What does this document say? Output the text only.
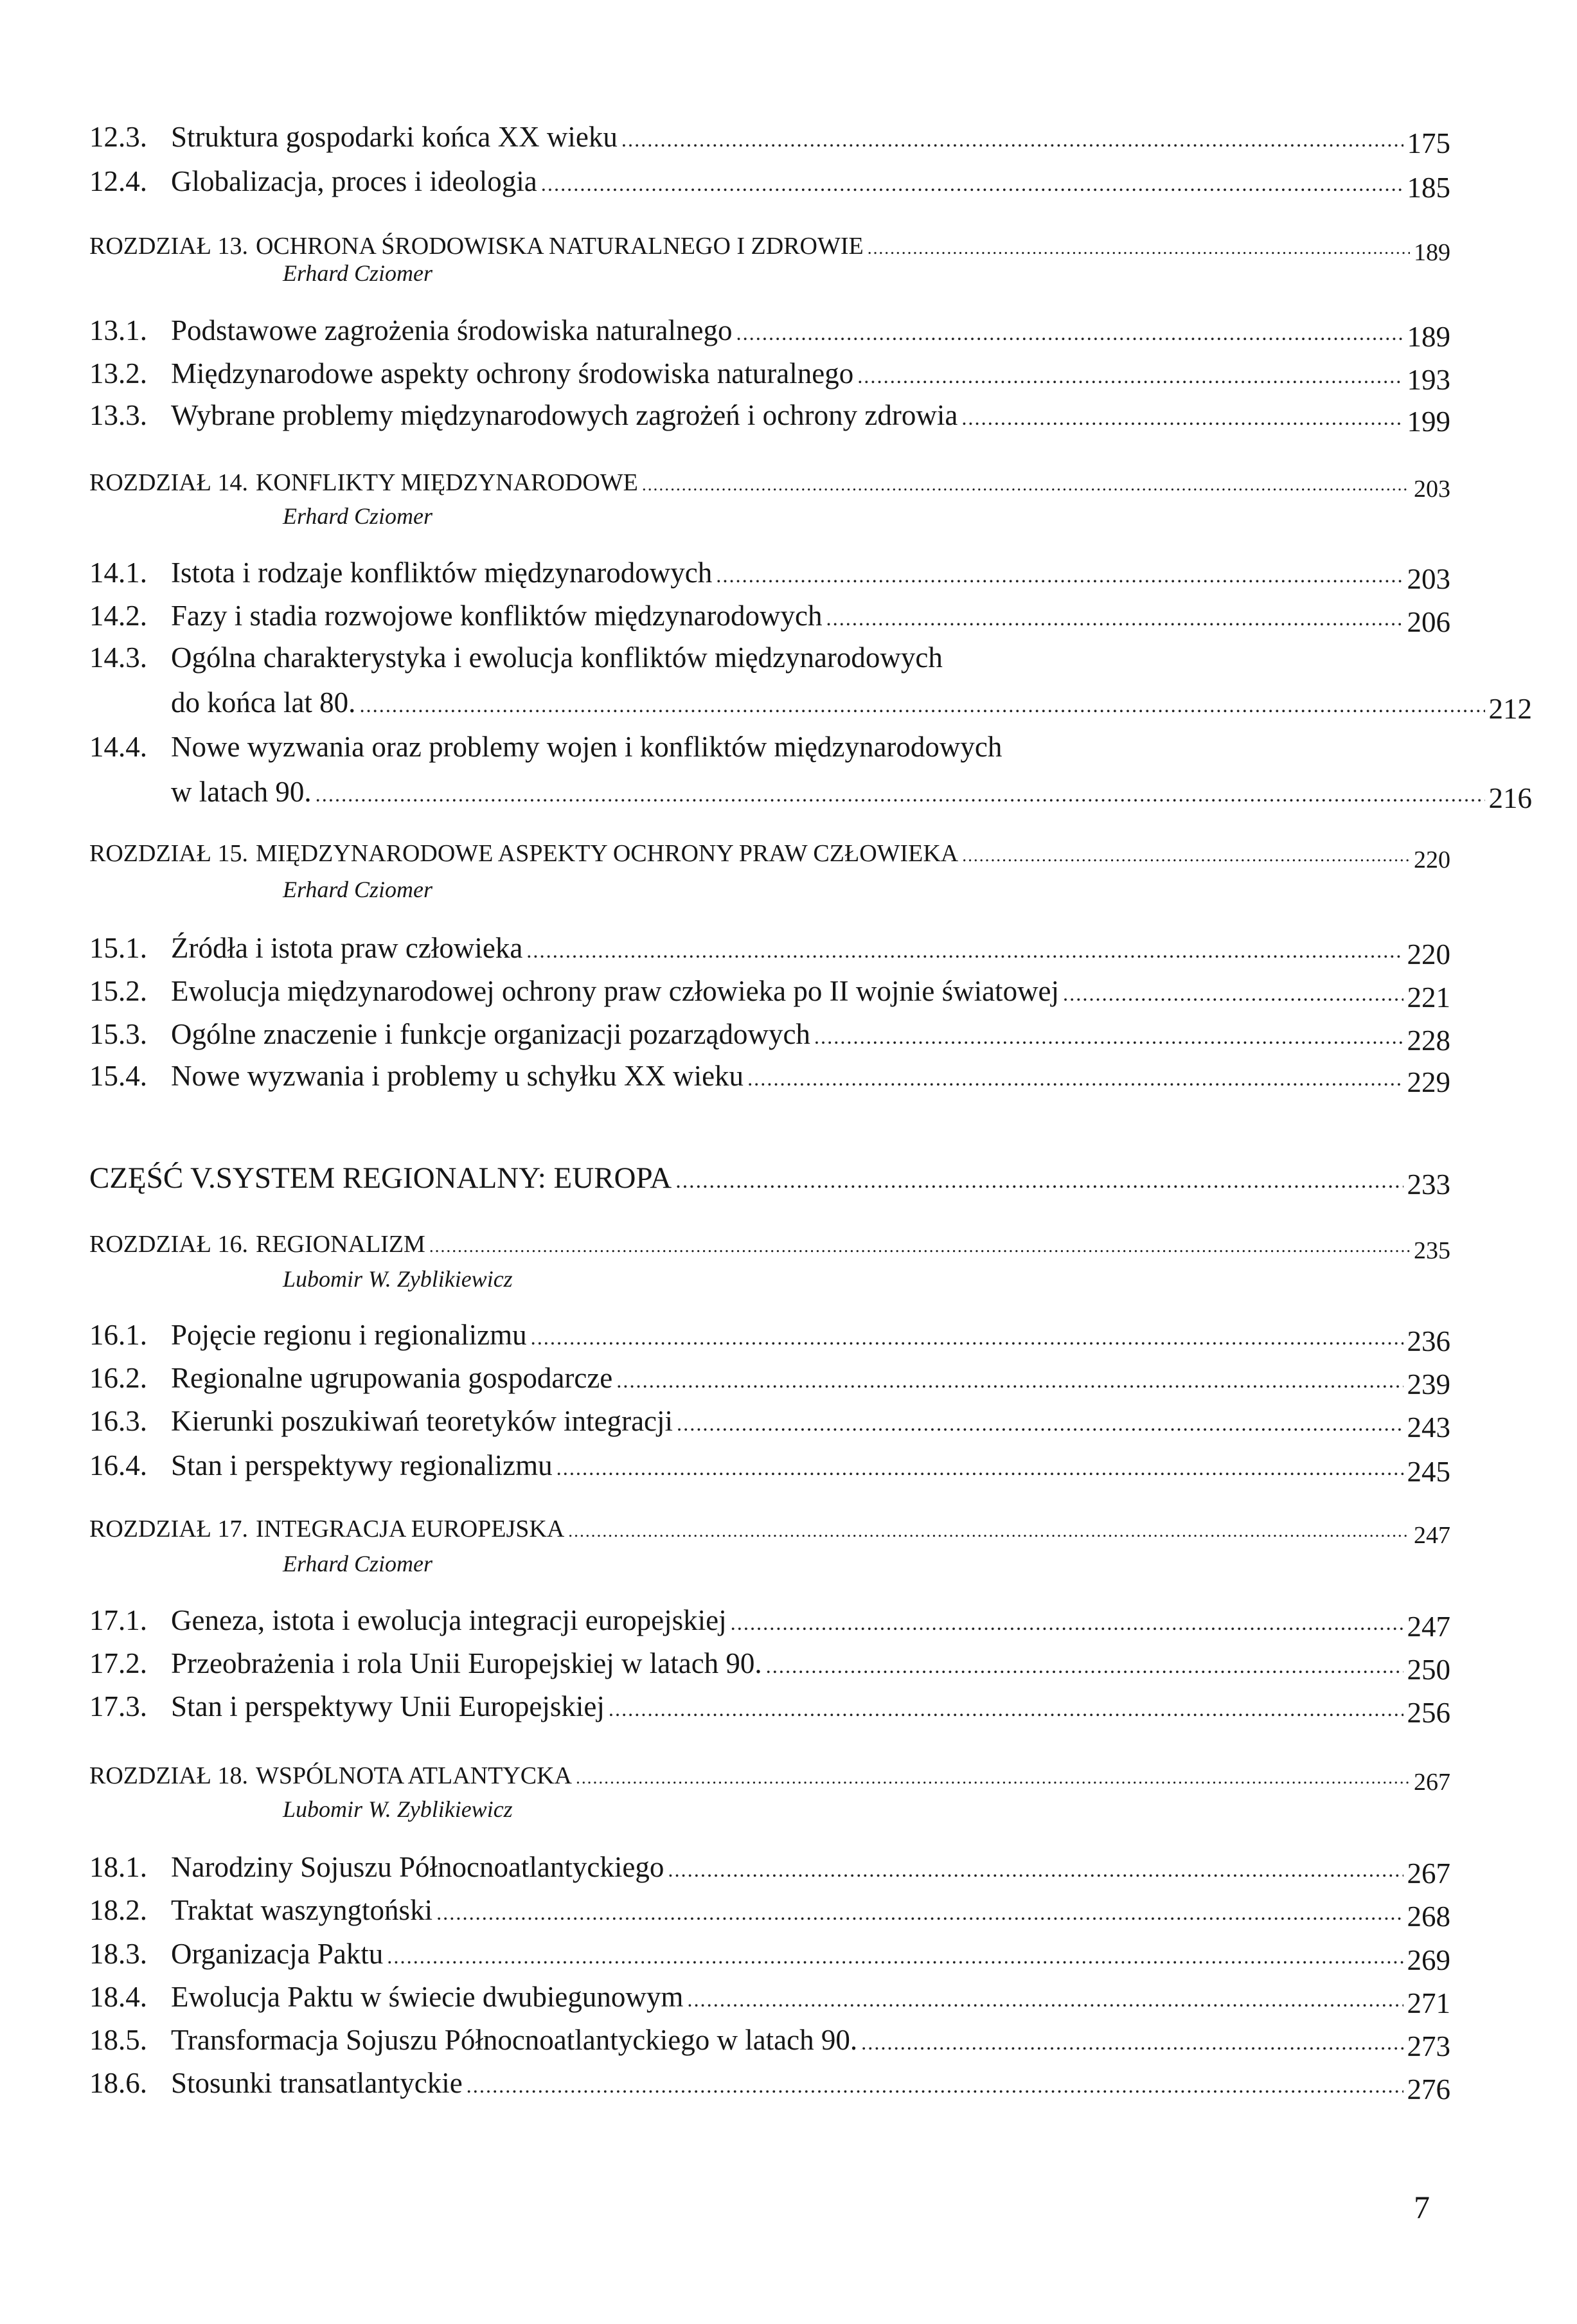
12.3. Struktura gospodarki końca XX wieku .....	175
12.4. Globalizacja, proces i ideologia .....	185
ROZDZIAŁ 13. OCHRONA ŚRODOWISKA NATURALNEGO I ZDROWIE .....	189
Erhard Cziomer
13.1. Podstawowe zagrożenia środowiska naturalnego .....	189
13.2. Międzynarodowe aspekty ochrony środowiska naturalnego .....	193
13.3. Wybrane problemy międzynarodowych zagrożeń i ochrony zdrowia .....	199
ROZDZIAŁ 14. KONFLIKTY MIĘDZYNARODOWE .....	203
Erhard Cziomer
14.1. Istota i rodzaje konfliktów międzynarodowych .....	203
14.2. Fazy i stadia rozwojowe konfliktów międzynarodowych .....	206
14.3. Ogólna charakterystyka i ewolucja konfliktów międzynarodowych
do końca lat 80. .....	212
14.4. Nowe wyzwania oraz problemy wojen i konfliktów międzynarodowych
w latach 90. .....	216
ROZDZIAŁ 15. MIĘDZYNARODOWE ASPEKTY OCHRONY PRAW CZŁOWIEKA .....	220
Erhard Cziomer
15.1. Źródła i istota praw człowieka .....	220
15.2. Ewolucja międzynarodowej ochrony praw człowieka po II wojnie światowej .....	221
15.3. Ogólne znaczenie i funkcje organizacji pozarządowych .....	228
15.4. Nowe wyzwania i problemy u schyłku XX wieku .....	229
CZĘŚĆ V. SYSTEM REGIONALNY: EUROPA .....	233
ROZDZIAŁ 16. REGIONALIZM .....	235
Lubomir W. Zyblikiewicz
16.1. Pojęcie regionu i regionalizmu .....	236
16.2. Regionalne ugrupowania gospodarcze .....	239
16.3. Kierunki poszukiwań teoretyków integracji .....	243
16.4. Stan i perspektywy regionalizmu .....	245
ROZDZIAŁ 17. INTEGRACJA EUROPEJSKA .....	247
Erhard Cziomer
17.1. Geneza, istota i ewolucja integracji europejskiej .....	247
17.2. Przeobrażenia i rola Unii Europejskiej w latach 90. .....	250
17.3. Stan i perspektywy Unii Europejskiej .....	256
ROZDZIAŁ 18. WSPÓLNOTA ATLANTYCKA .....	267
Lubomir W. Zyblikiewicz
18.1. Narodziny Sojuszu Północnoatlantyckiego .....	267
18.2. Traktat waszyngtoński .....	268
18.3. Organizacja Paktu .....	269
18.4. Ewolucja Paktu w świecie dwubiegunowym .....	271
18.5. Transformacja Sojuszu Północnoatlantyckiego w latach 90. .....	273
18.6. Stosunki transatlantyckie .....	276
7
